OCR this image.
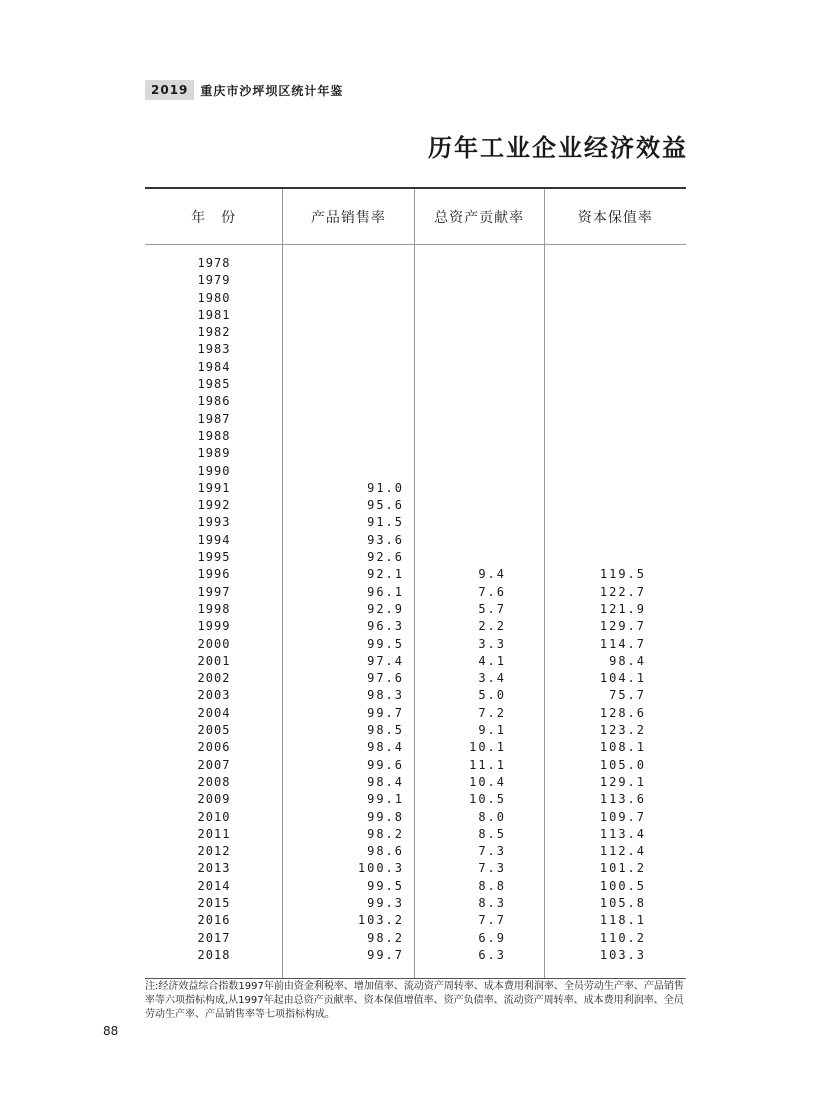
2019	重庆市沙坪坝区统计年鉴
历年工业企业经济效益
年　份	产品销售率	总资产贡献率	资本保值率
1978
1979
1980
1981
1982
1983
1984
1985
1986
1987
1988
1989
1990
1991	91.0
1992	95.6
1993	91.5
1994	93.6
1995	92.6
1996	92.1	9.4	119.5
1997	96.1	7.6	122.7
1998	92.9	5.7	121.9
1999	96.3	2.2	129.7
2000	99.5	3.3	114.7
2001	97.4	4.1	98.4
2002	97.6	3.4	104.1
2003	98.3	5.0	75.7
2004	99.7	7.2	128.6
2005	98.5	9.1	123.2
2006	98.4	10.1	108.1
2007	99.6	11.1	105.0
2008	98.4	10.4	129.1
2009	99.1	10.5	113.6
2010	99.8	8.0	109.7
2011	98.2	8.5	113.4
2012	98.6	7.3	112.4
2013	100.3	7.3	101.2
2014	99.5	8.8	100.5
2015	99.3	8.3	105.8
2016	103.2	7.7	118.1
2017	98.2	6.9	110.2
2018	99.7	6.3	103.3
注:经济效益综合指数1997年前由资金利税率、增加值率、流动资产周转率、成本费用利润率、全员劳动生产率、产品销售率等六项指标构成,从1997年起由总资产贡献率、资本保值增值率、资产负债率、流动资产周转率、成本费用利润率、全员劳动生产率、产品销售率等七项指标构成。
88
